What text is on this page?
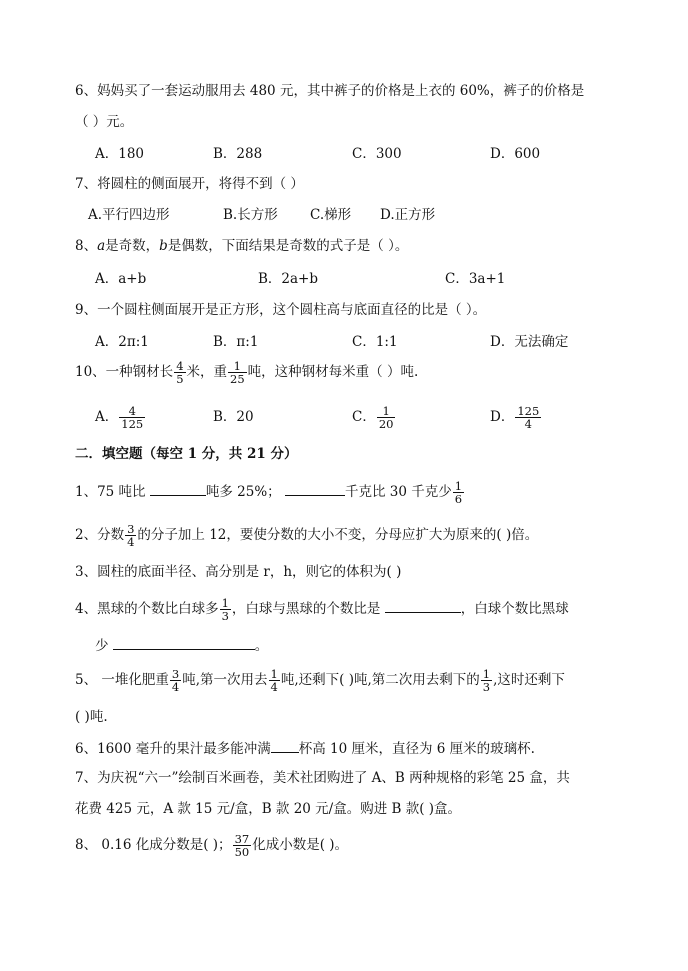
6、妈妈买了一套运动服用去 480 元，其中裤子的价格是上衣的 60%，裤子的价格是
（ ）元。
A．180	B．288	C．300	D．600
7、将圆柱的侧面展开，将得不到（ ）
A.平行四边形	B.长方形 C.梯形 D.正方形
8、a是奇数，b是偶数，下面结果是奇数的式子是（ ）。
A．a+b	B．2a+b	C．3a+1
9、一个圆柱侧面展开是正方形，这个圆柱高与底面直径的比是（ ）。
A．2π:1	B．π:1	C．1:1	D．无法确定
10、一种钢材长 $\frac{4}{5}$ 米，重 $\frac{1}{25}$ 吨，这种钢材每米重（ ）吨.
A． $\frac{4}{125}$	B．20	C． $\frac{1}{20}$	D． $\frac{125}{4}$
二．填空题（每空 1 分，共 21 分）
1、75 吨比	吨多 25%；	千克比 30 千克少 $\frac{1}{6}$
2、分数 $\frac{3}{4}$ 的分子加上 12，要使分数的大小不变，分母应扩大为原来的( )倍。
3、圆柱的底面半径、高分别是 r，h，则它的体积为( )
4、黑球的个数比白球多 $\frac{1}{3}$ ，白球与黑球的个数比是	，白球个数比黑球
少	。
5、 一堆化肥重 $\frac{3}{4}$ 吨,第一次用去 $\frac{1}{4}$ 吨,还剩下( )吨,第二次用去剩下的 $\frac{1}{3}$ ,这时还剩下
( )吨.
6、1600 毫升的果汁最多能冲满 杯高 10 厘米，直径为 6 厘米的玻璃杯.
7、为庆祝“六一”绘制百米画卷，美术社团购进了 A、B 两种规格的彩笔 25 盒，共
花费 425 元，A 款 15 元/盒，B 款 20 元/盒。购进 B 款( )盒。
8、 0.16 化成分数是( )； $\frac{37}{50}$ 化成小数是( )。
